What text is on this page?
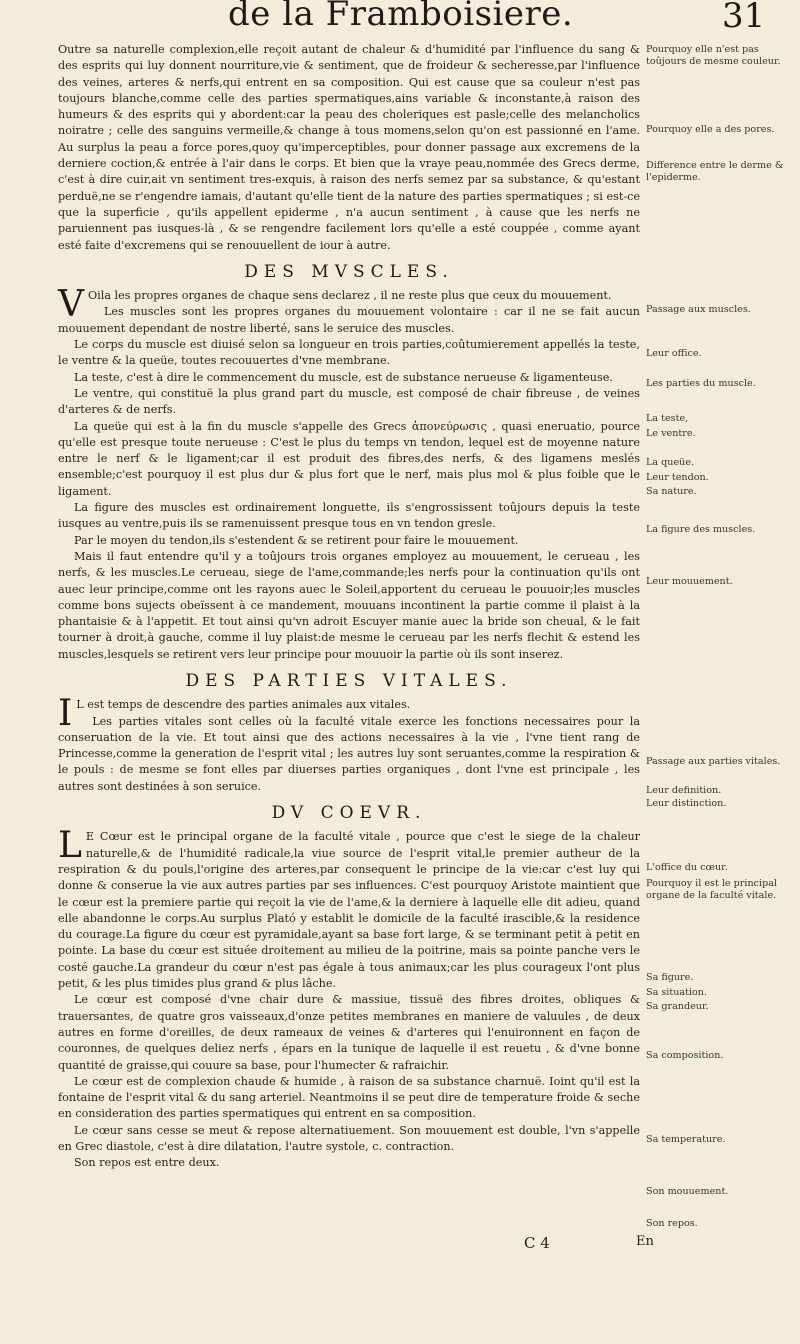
de la Framboisiere.	31

Outre sa naturelle complexion,elle reçoit autant de chaleur & d'humidité par l'influence du sang & des esprits qui luy donnent nourriture,vie & sentiment, que de froideur & secheresse,par l'influence des veines, arteres & nerfs,qui entrent en sa composition. Qui est cause que sa couleur n'est pas toujours blanche,comme celle des parties spermatiques,ains variable & inconstante,à raison des humeurs & des esprits qui y abordent:car la peau des choleriques est pasle;celle des melancholics noiratre ; celle des sanguins vermeille,& change à tous momens,selon qu'on est passionné en l'ame. Au surplus la peau a force pores,quoy qu'imperceptibles, pour donner passage aux excremens de la derniere coction,& entrée à l'air dans le corps. Et bien que la vraye peau,nommée des Grecs derme, c'est à dire cuir,ait vn sentiment tres-exquis, à raison des nerfs semez par sa substance, & qu'estant perduë,ne se r'engendre iamais, d'autant qu'elle tient de la nature des parties spermatiques ; si est-ce que la superficie , qu'ils appellent epiderme , n'a aucun sentiment , à cause que les nerfs ne paruiennent pas iusques-là , & se rengendre facilement lors qu'elle a esté couppée , comme ayant esté faite d'excremens qui se renouuellent de iour à autre.

DES MVSCLES.

V Oila les propres organes de chaque sens declarez , il ne reste plus que ceux du mouuement.

Les muscles sont les propres organes du mouuement volontaire : car il ne se fait aucun mouuement dependant de nostre liberté, sans le seruice des muscles.

Le corps du muscle est diuisé selon sa longueur en trois parties,coûtumierement appellés la teste, le ventre & la queüe, toutes recouuertes d'vne membrane.

La teste, c'est à dire le commencement du muscle, est de substance nerueuse & ligamenteuse.

Le ventre, qui constituë la plus grand part du muscle, est composé de chair fibreuse , de veines d'arteres & de nerfs.

La queüe qui est à la fin du muscle s'appelle des Grecs ἀπονεύρωσις , quasi eneruatio, pource qu'elle est presque toute nerueuse : C'est le plus du temps vn tendon, lequel est de moyenne nature entre le nerf & le ligament;car il est produit des fibres,des nerfs, & des ligamens meslés ensemble;c'est pourquoy il est plus dur & plus fort que le nerf, mais plus mol & plus foible que le ligament.

La figure des muscles est ordinairement longuette, ils s'engrossissent toûjours depuis la teste iusques au ventre,puis ils se ramenuissent presque tous en vn tendon gresle.

Par le moyen du tendon,ils s'estendent & se retirent pour faire le mouuement.

Mais il faut entendre qu'il y a toûjours trois organes employez au mouuement, le cerueau , les nerfs, & les muscles.Le cerueau, siege de l'ame,commande;les nerfs pour la continuation qu'ils ont auec leur principe,comme ont les rayons auec le Soleil,apportent du cerueau le pouuoir;les muscles comme bons sujects obeïssent à ce mandement, mouuans incontinent la partie comme il plaist à la phantaisie & à l'appetit. Et tout ainsi qu'vn adroit Escuyer manie auec la bride son cheual, & le fait tourner à droit,à gauche, comme il luy plaist:de mesme le cerueau par les nerfs flechit & estend les muscles,lesquels se retirent vers leur principe pour mouuoir la partie où ils sont inserez.

DES PARTIES VITALES.

I L est temps de descendre des parties animales aux vitales.

Les parties vitales sont celles où la faculté vitale exerce les fonctions necessaires pour la conseruation de la vie. Et tout ainsi que des actions necessaires à la vie , l'vne tient rang de Princesse,comme la generation de l'esprit vital ; les autres luy sont seruantes,comme la respiration & le pouls : de mesme se font elles par diuerses parties organiques , dont l'vne est principale , les autres sont destinées à son seruice.

DV COEVR.

L E Cœur est le principal organe de la faculté vitale , pource que c'est le siege de la chaleur naturelle,& de l'humidité radicale,la viue source de l'esprit vital,le premier autheur de la respiration & du pouls,l'origine des arteres,par consequent le principe de la vie:car c'est luy qui donne & conserue la vie aux autres parties par ses influences. C'est pourquoy Aristote maintient que le cœur est la premiere partie qui reçoit la vie de l'ame,& la derniere à laquelle elle dit adieu, quand elle abandonne le corps.Au surplus Plató y establit le domicile de la faculté irascible,& la residence du courage.La figure du cœur est pyramidale,ayant sa base fort large, & se terminant petit à petit en pointe. La base du cœur est située droitement au milieu de la poitrine, mais sa pointe panche vers le costé gauche.La grandeur du cœur n'est pas égale à tous animaux;car les plus courageux l'ont plus petit, & les plus timides plus grand & plus lâche.

Le cœur est composé d'vne chair dure & massiue, tissuë des fibres droites, obliques & trauersantes, de quatre gros vaisseaux,d'onze petites membranes en maniere de valuules , de deux autres en forme d'oreilles, de deux rameaux de veines & d'arteres qui l'enuironnent en façon de couronnes, de quelques deliez nerfs , épars en la tunique de laquelle il est reuetu , & d'vne bonne quantité de graisse,qui couure sa base, pour l'humecter & rafraichir.

Le cœur est de complexion chaude & humide , à raison de sa substance charnuë. Ioint qu'il est la fontaine de l'esprit vital & du sang arteriel. Neantmoins il se peut dire de temperature froide & seche en consideration des parties spermatiques qui entrent en sa composition.

Le cœur sans cesse se meut & repose alternatiuement. Son mouuement est double, l'vn s'appelle en Grec diastole, c'est à dire dilatation, l'autre systole, c. contraction.

Son repos est entre deux.

Pourquoy elle n'est pas toûjours de mesme couleur.
Pourquoy elle a des pores.
Difference entre le derme & l'epiderme.
Passage aux muscles.
Leur office.
Les parties du muscle.
La teste,
Le ventre.
La queüe.
Leur tendon.
Sa nature.
La figure des muscles.
Leur mouuement.
Passage aux parties vitales.
Leur definition.
Leur distinction.
L'office du cœur.
Pourquoy il est le principal organe de la faculté vitale.
Sa figure.
Sa situation.
Sa grandeur.
Sa composition.
Sa temperature.
Son mouuement.
Son repos.
C 4	En
